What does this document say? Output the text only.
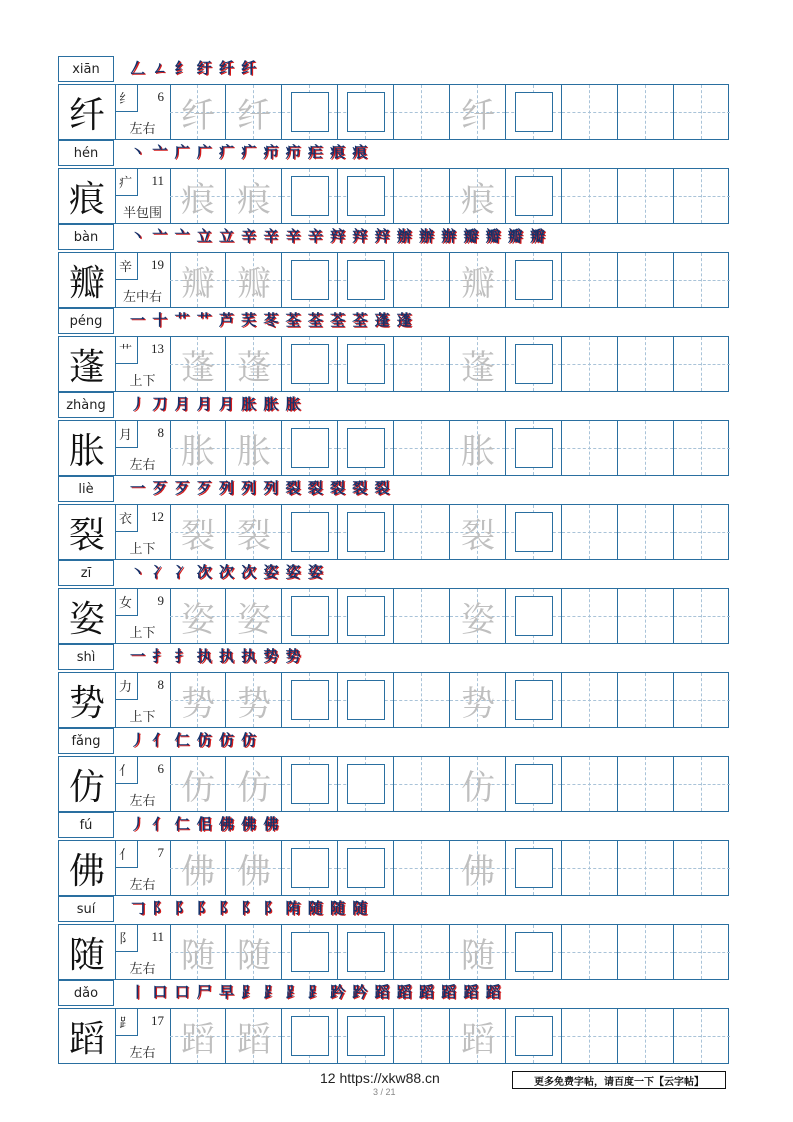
xiān	𠃋 ㄥ 纟 纡 纤 纤
纤	纟 6
左右 纤 纤	纤
hén	丶 亠 广 广 疒 疒 疖 疖 疟 痕 痕
痕	疒 11
半包围 痕 痕	痕
bàn	丶 亠 亠 立 立 辛 辛 辛 辛 辡 辡 辡 辦 辦 辦 瓣 瓣 瓣 瓣
瓣	辛 19
左中右 瓣 瓣	瓣
péng	一 十 艹 艹 芦 芺 苳 荃 荃 荃 荃 蓬 蓬
蓬	艹 13
上下 蓬 蓬	蓬
zhàng	丿 刀 月 月 月 胀 胀 胀
胀	月 8
左右 胀 胀	胀
liè	一 歹 歹 歹 列 列 列 裂 裂 裂 裂 裂
裂	衣 12
上下 裂 裂	裂
zī	丶 冫 冫 次 次 次 姿 姿 姿
姿	女 9
上下 姿 姿	姿
shì	一 扌 扌 执 执 执 势 势
势	力 8
上下 势 势	势
fǎng	丿 亻 仁 仿 仿 仿
仿	亻 6
左右 仿 仿	仿
fú	丿 亻 仁 佀 佛 佛 佛
佛	亻 7
左右 佛 佛	佛
suí	𠃌 阝 阝 阝 阝 阝 阝 陏 随 随 随
随	阝 11
左右 随 随	随
dǎo	丨 口 口 尸 早 ⻊ ⻊ ⻊ ⻊ 趻 趻 蹈 蹈 蹈 蹈 蹈 蹈
蹈	⻊ 17
左右 蹈 蹈	蹈
12 https://xkw88.cn
3 / 21
更多免费字帖，请百度一下【云字帖】
